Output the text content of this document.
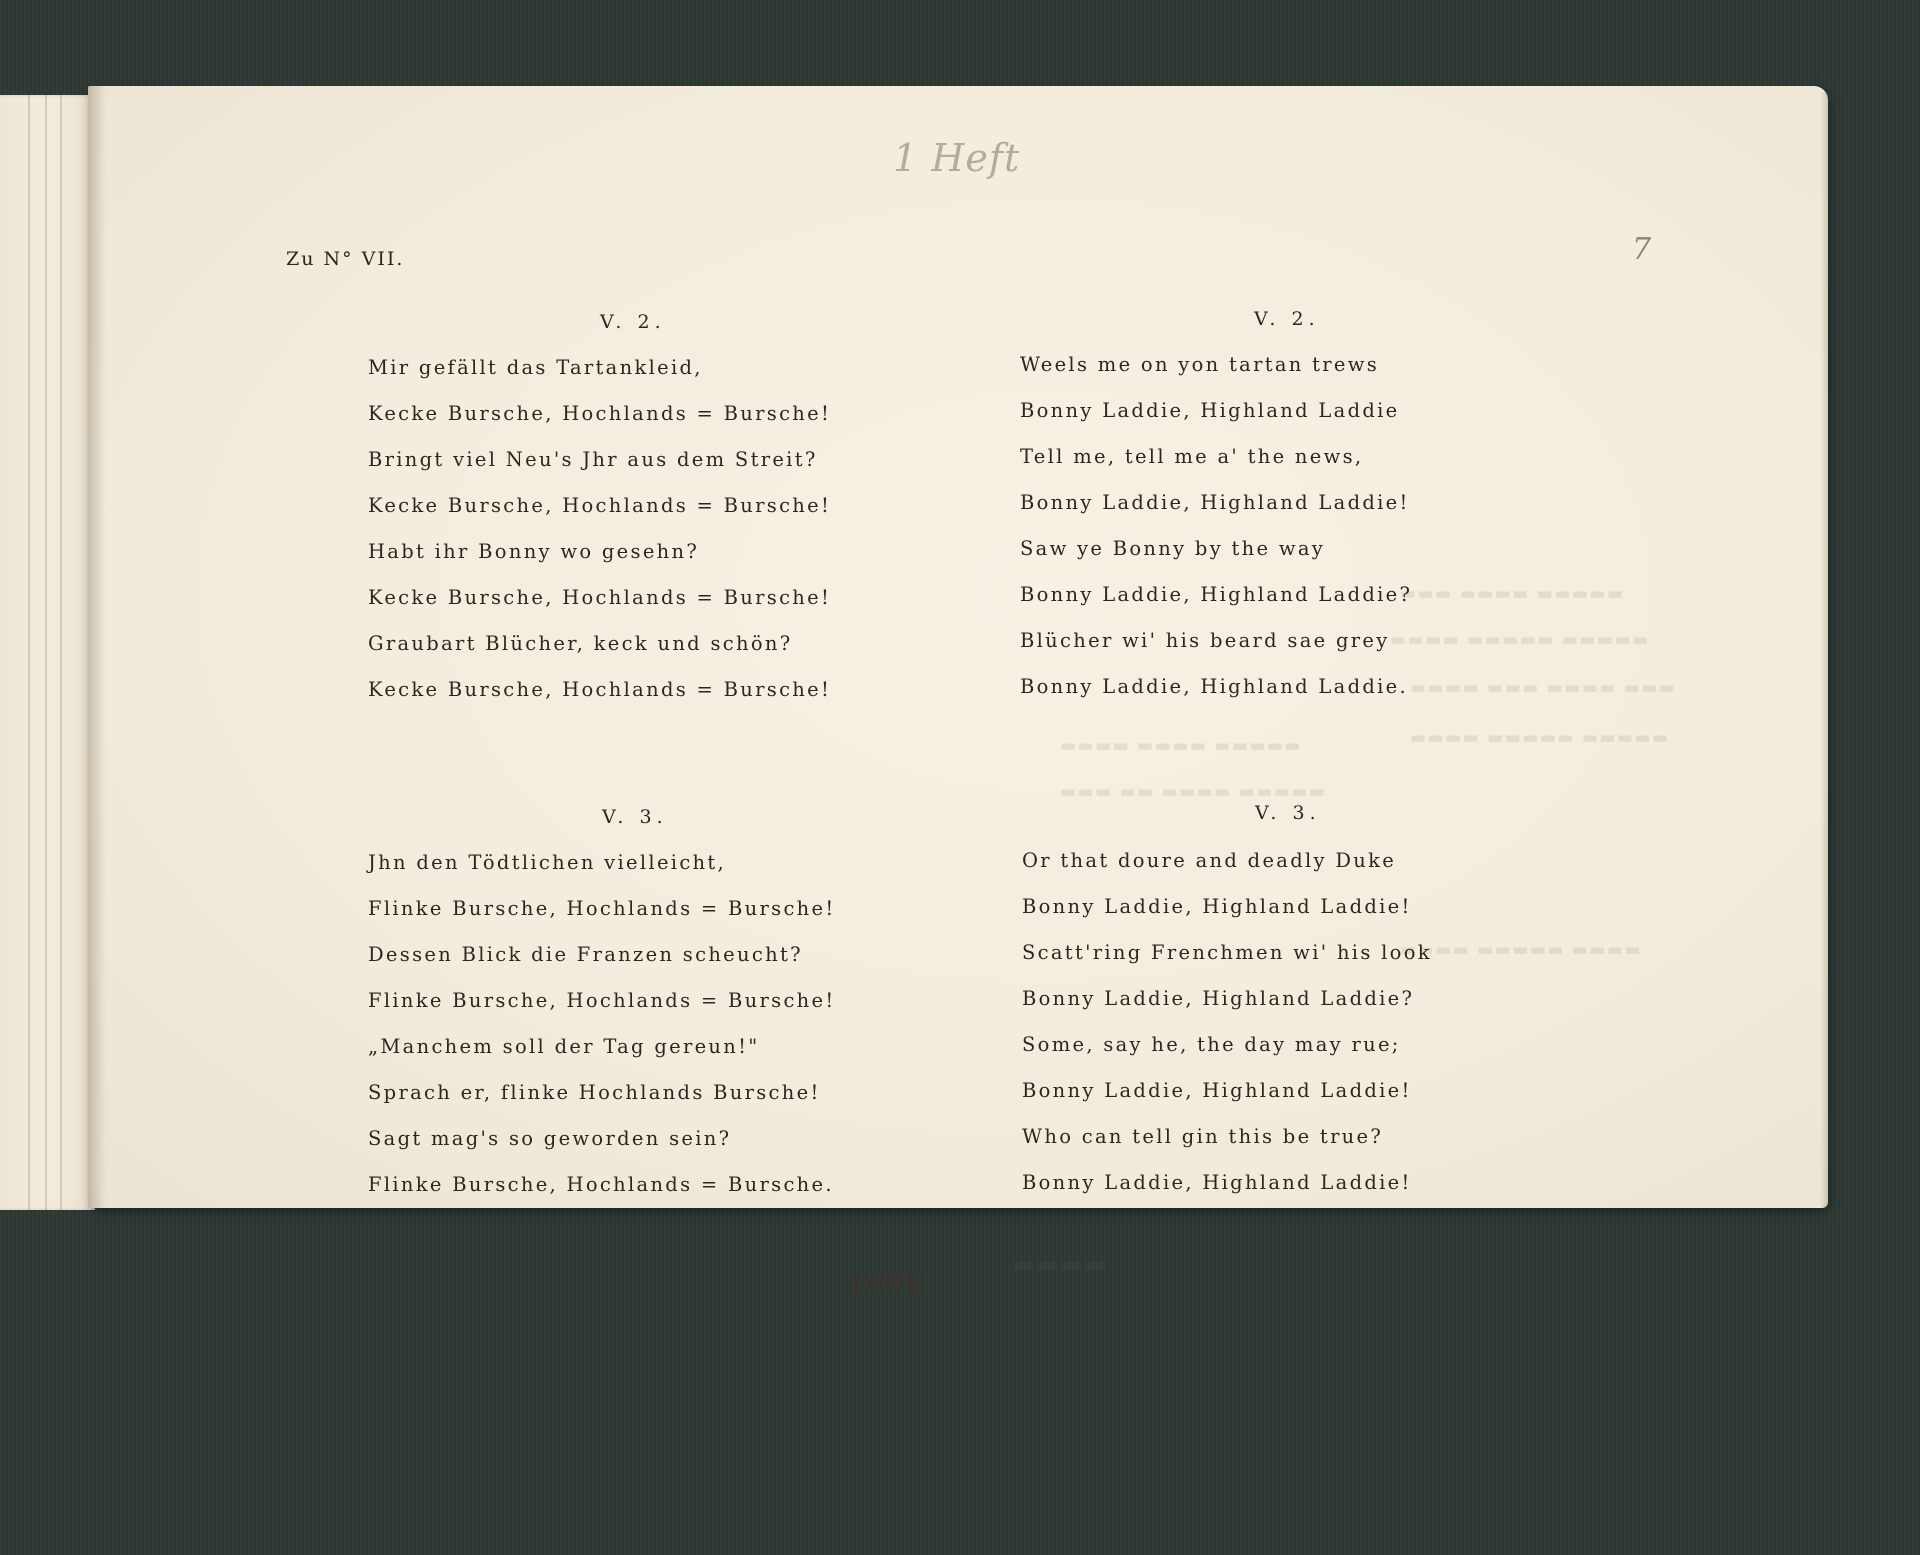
▬▬▬ ▬▬▬▬ ▬▬▬▬▬
▬▬▬▬ ▬▬▬▬▬ ▬▬▬▬▬
▬▬▬▬ ▬▬▬ ▬▬▬▬ ▬▬▬
▬▬▬▬ ▬▬▬▬▬ ▬▬▬▬▬
▬▬▬▬ ▬▬▬▬ ▬▬▬▬▬
▬▬▬ ▬▬ ▬▬▬▬ ▬▬▬▬▬
▬▬▬▬ ▬▬▬▬▬ ▬▬▬▬
▬▬▬▬
1 Heft
7
Zu N° VII.
V. 2.
Mir gefällt das Tartankleid,
Kecke Bursche, Hochlands = Bursche!
Bringt viel Neu's Jhr aus dem Streit?
Kecke Bursche, Hochlands = Bursche!
Habt ihr Bonny wo gesehn?
Kecke Bursche, Hochlands = Bursche!
Graubart Blücher, keck und schön?
Kecke Bursche, Hochlands = Bursche!
V. 3.
Jhn den Tödtlichen vielleicht,
Flinke Bursche, Hochlands = Bursche!
Dessen Blick die Franzen scheucht?
Flinke Bursche, Hochlands = Bursche!
„Manchem soll der Tag gereun!"
Sprach er, flinke Hochlands Bursche!
Sagt mag's so geworden sein?
Flinke Bursche, Hochlands = Bursche.
V. 2.
Weels me on yon tartan trews
Bonny Laddie, Highland Laddie
Tell me, tell me a' the news,
Bonny Laddie, Highland Laddie!
Saw ye Bonny by the way
Bonny Laddie, Highland Laddie?
Blücher wi' his beard sae grey
Bonny Laddie, Highland Laddie.
V. 3.
Or that doure and deadly Duke
Bonny Laddie, Highland Laddie!
Scatt'ring Frenchmen wi' his look
Bonny Laddie, Highland Laddie?
Some, say he, the day may rue;
Bonny Laddie, Highland Laddie!
Who can tell gin this be true?
Bonny Laddie, Highland Laddie!
1098
